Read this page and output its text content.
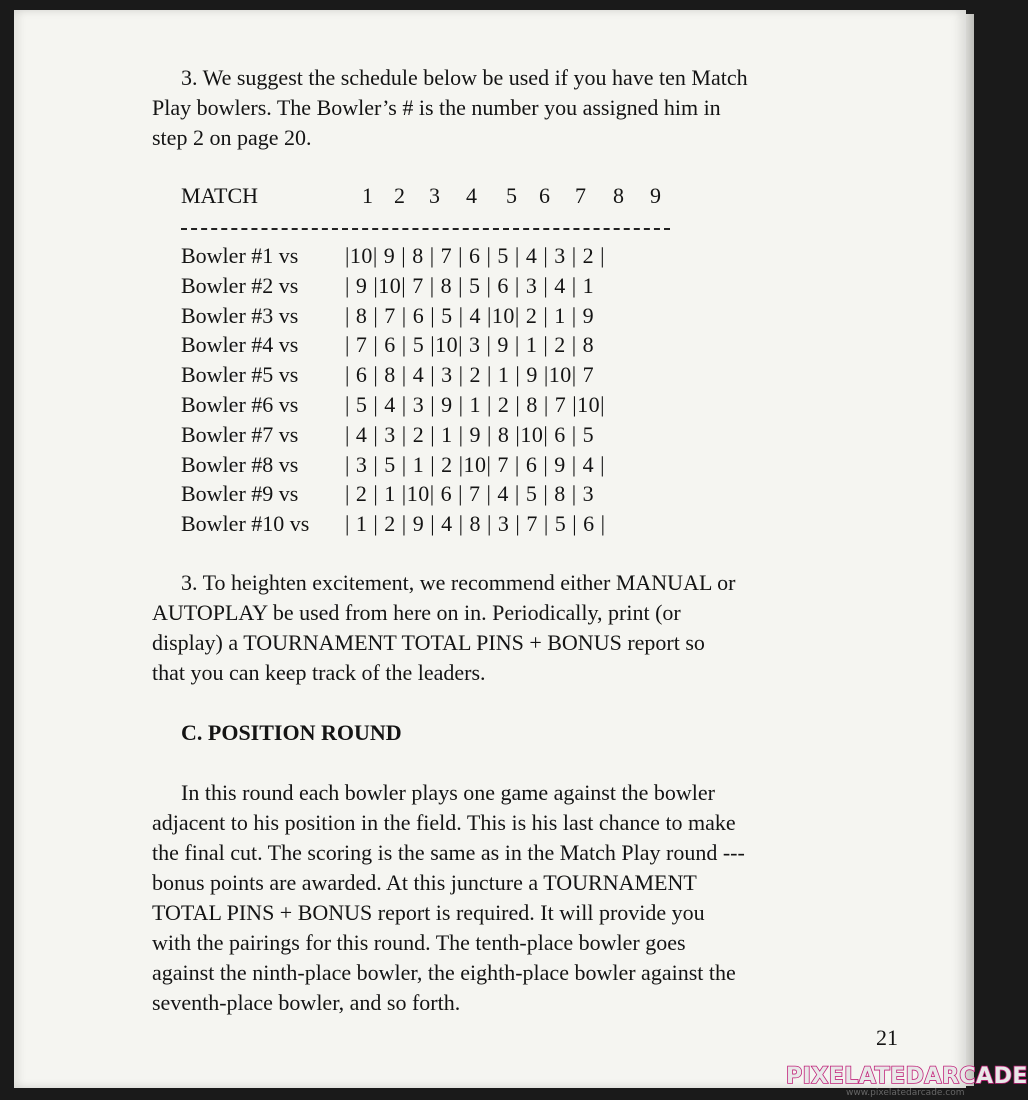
3. We suggest the schedule below be used if you have ten Match
Play bowlers. The Bowler’s # is the number you assigned him in
step 2 on page 20.
MATCH	1 2 3 4 5 6 7 8 9
Bowler #1 vs |10| 9 | 8 | 7 | 6 | 5 | 4 | 3 | 2 |
Bowler #2 vs | 9 |10| 7 | 8 | 5 | 6 | 3 | 4 | 1
Bowler #3 vs | 8 | 7 | 6 | 5 | 4 |10| 2 | 1 | 9
Bowler #4 vs | 7 | 6 | 5 |10| 3 | 9 | 1 | 2 | 8
Bowler #5 vs | 6 | 8 | 4 | 3 | 2 | 1 | 9 |10| 7
Bowler #6 vs | 5 | 4 | 3 | 9 | 1 | 2 | 8 | 7 |10|
Bowler #7 vs | 4 | 3 | 2 | 1 | 9 | 8 |10| 6 | 5
Bowler #8 vs | 3 | 5 | 1 | 2 |10| 7 | 6 | 9 | 4 |
Bowler #9 vs | 2 | 1 |10| 6 | 7 | 4 | 5 | 8 | 3
Bowler #10 vs | 1 | 2 | 9 | 4 | 8 | 3 | 7 | 5 | 6 |
3. To heighten excitement, we recommend either MANUAL or
AUTOPLAY be used from here on in. Periodically, print (or
display) a TOURNAMENT TOTAL PINS + BONUS report so
that you can keep track of the leaders.
C. POSITION ROUND
In this round each bowler plays one game against the bowler
adjacent to his position in the field. This is his last chance to make
the final cut. The scoring is the same as in the Match Play round ---
bonus points are awarded. At this juncture a TOURNAMENT
TOTAL PINS + BONUS report is required. It will provide you
with the pairings for this round. The tenth-place bowler goes
against the ninth-place bowler, the eighth-place bowler against the
seventh-place bowler, and so forth.
21
PIXELATEDARCADE
www.pixelatedarcade.com
